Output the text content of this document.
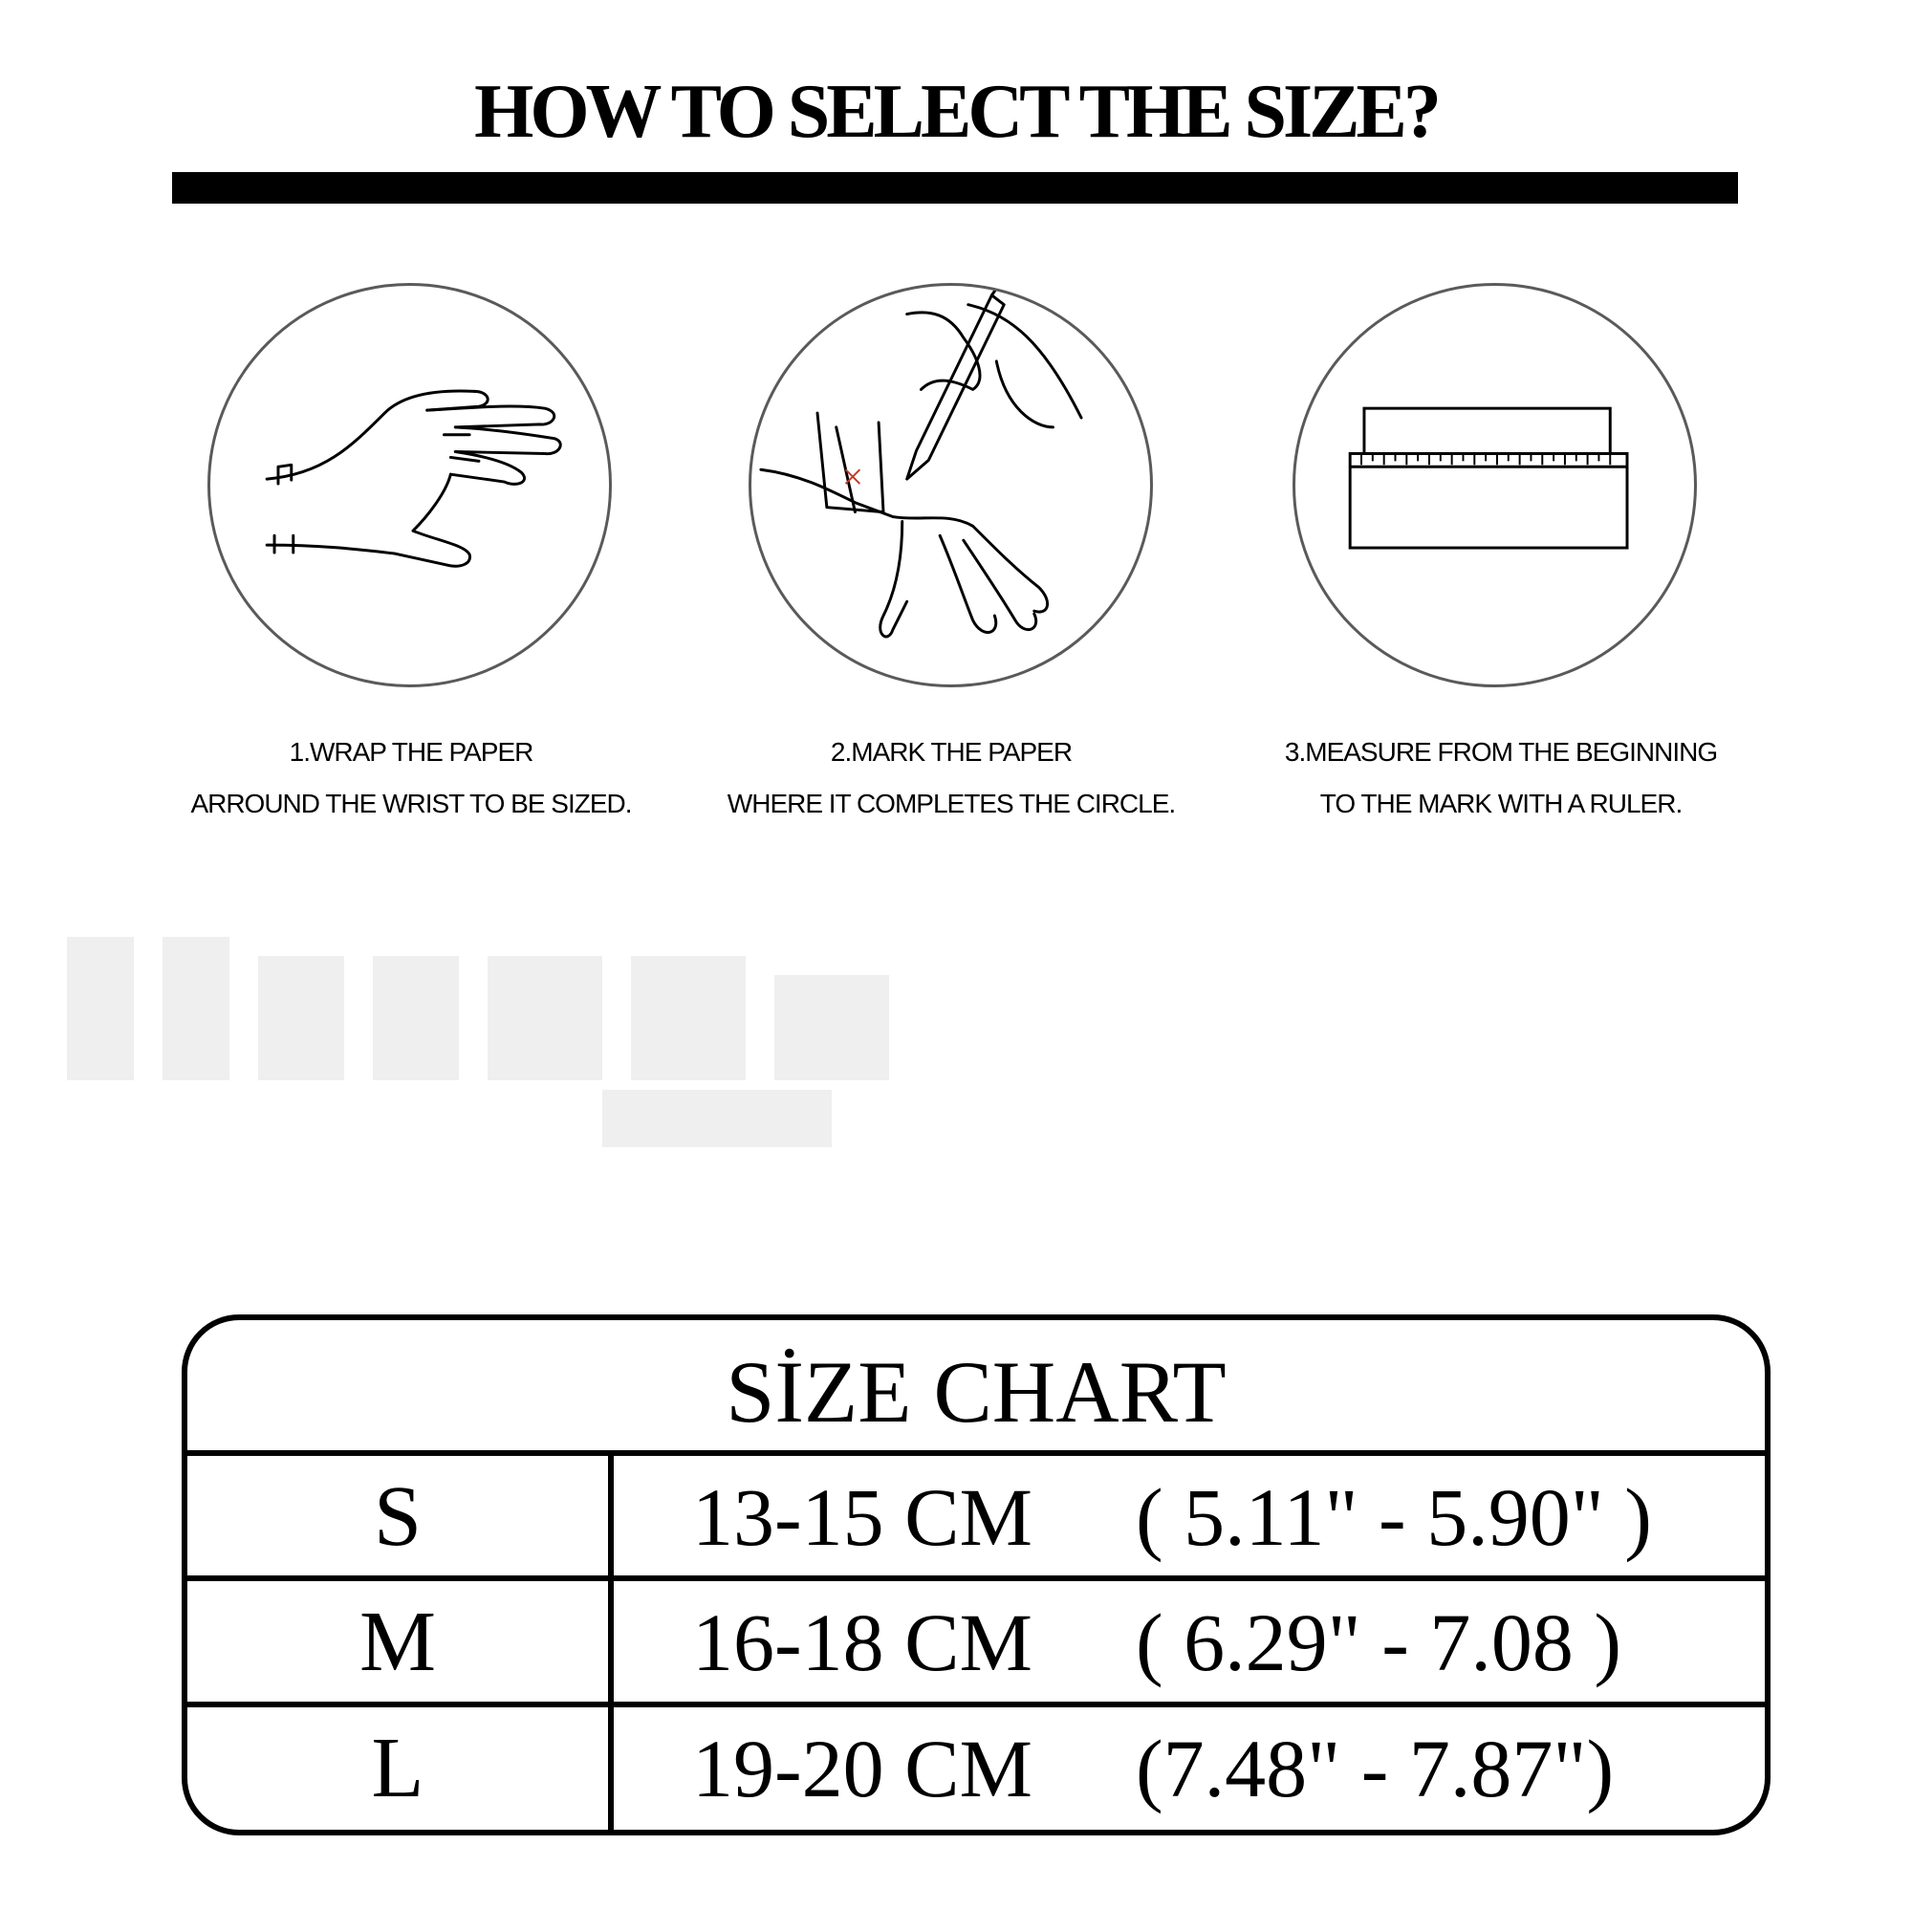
HOW TO SELECT THE SIZE?
1.WRAP THE PAPER
ARROUND THE WRIST TO BE SIZED.
2.MARK THE PAPER
WHERE IT COMPLETES THE CIRCLE.
3.MEASURE FROM THE BEGINNING
TO THE MARK WITH A RULER.
SİZE CHART
S	13-15 CM ( 5.11" - 5.90" )
M	16-18 CM ( 6.29" - 7.08 )
L	19-20 CM (7.48" - 7.87")
